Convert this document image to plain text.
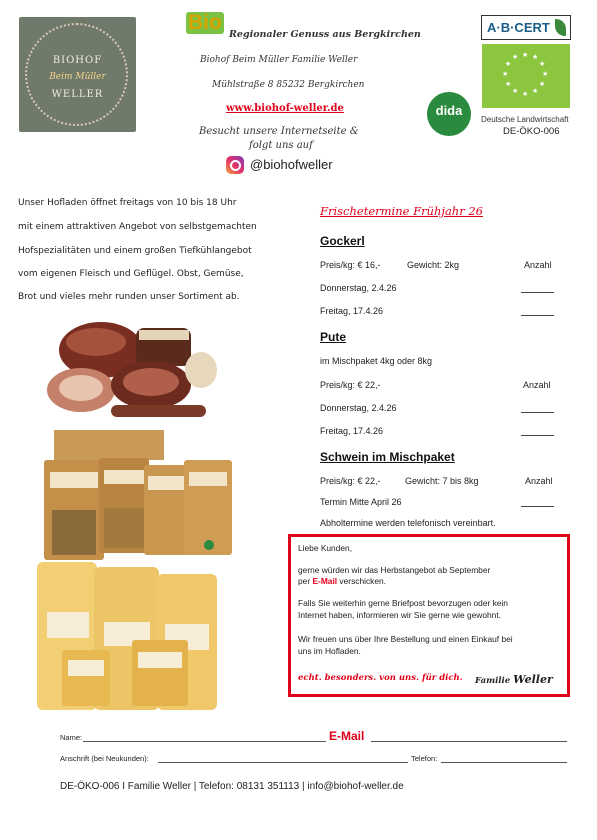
BIOHOF
Beim Müller
WELLER
Bio
Regionaler Genuss aus Bergkirchen
Biohof Beim Müller Familie Weller
Mühlstraße 8 85232 Bergkirchen
www.biohof-weller.de
Besucht unsere Internetseite &
folgt uns auf
@biohofweller
dida
A·B·CERT
★ ★
★
★
★
★
★
★
★
★
★
★
Deutsche Landwirtschaft
DE-ÖKO-006
Unser Hofladen öffnet freitags von 10 bis 18 Uhr
mit einem attraktiven Angebot von selbstgemachten
Hofspezialitäten und einem großen Tiefkühlangebot
vom eigenen Fleisch und Geflügel. Obst, Gemüse,
Brot und vieles mehr runden unser Sortiment ab.
Frischetermine Frühjahr 26
Gockerl
Preis/kg: € 16,-	Gewicht: 2kg	Anzahl
Donnerstag, 2.4.26
Freitag, 17.4.26
Pute
im Mischpaket 4kg oder 8kg
Preis/kg: € 22,-	Anzahl
Donnerstag, 2.4.26
Freitag, 17.4.26
Schwein im Mischpaket
Preis/kg: € 22,-	Gewicht: 7 bis 8kg	Anzahl
Termin Mitte April 26
Abholtermine werden telefonisch vereinbart.
Liebe Kunden,
gerne würden wir das Herbstangebot ab September
per E-Mail verschicken.
Falls Sie weiterhin gerne Briefpost bevorzugen oder kein
Internet haben, informieren wir Sie gerne wie gewohnt.
Wir freuen uns über Ihre Bestellung und einen Einkauf bei
uns im Hofladen.
echt. besonders. von uns. für dich. Familie Weller
Name:	E-Mail
Anschrift (bei Neukunden):	Telefon:
DE-ÖKO-006 I Familie Weller | Telefon: 08131 351113 | info@biohof-weller.de
